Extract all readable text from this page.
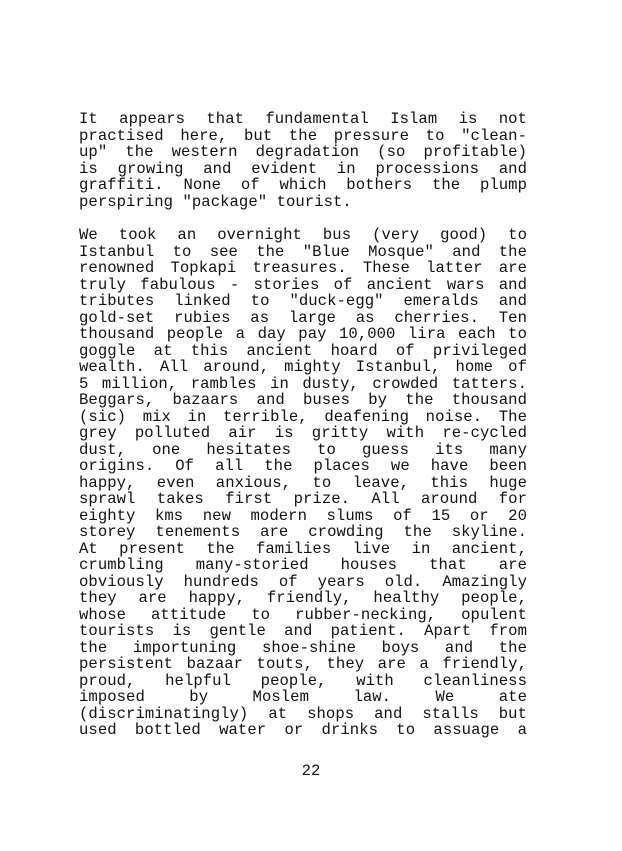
It appears that fundamental Islam is not
practised here, but the pressure to "clean-
up" the western degradation (so profitable)
is growing and evident in processions and
graffiti. None of which bothers the plump
perspiring "package" tourist.
We took an overnight bus (very good) to
Istanbul to see the "Blue Mosque" and the
renowned Topkapi treasures. These latter are
truly fabulous - stories of ancient wars and
tributes linked to "duck-egg" emeralds and
gold-set rubies as large as cherries. Ten
thousand people a day pay 10,000 lira each to
goggle at this ancient hoard of privileged
wealth. All around, mighty Istanbul, home of
5 million, rambles in dusty, crowded tatters.
Beggars, bazaars and buses by the thousand
(sic) mix in terrible, deafening noise. The
grey polluted air is gritty with re-cycled
dust, one hesitates to guess its many
origins. Of all the places we have been
happy, even anxious, to leave, this huge
sprawl takes first prize. All around for
eighty kms new modern slums of 15 or 20
storey tenements are crowding the skyline.
At present the families live in ancient,
crumbling many-storied houses that are
obviously hundreds of years old. Amazingly
they are happy, friendly, healthy people,
whose attitude to rubber-necking, opulent
tourists is gentle and patient. Apart from
the importuning shoe-shine boys and the
persistent bazaar touts, they are a friendly,
proud, helpful people, with cleanliness
imposed by Moslem law. We ate
(discriminatingly) at shops and stalls but
used bottled water or drinks to assuage a
22
